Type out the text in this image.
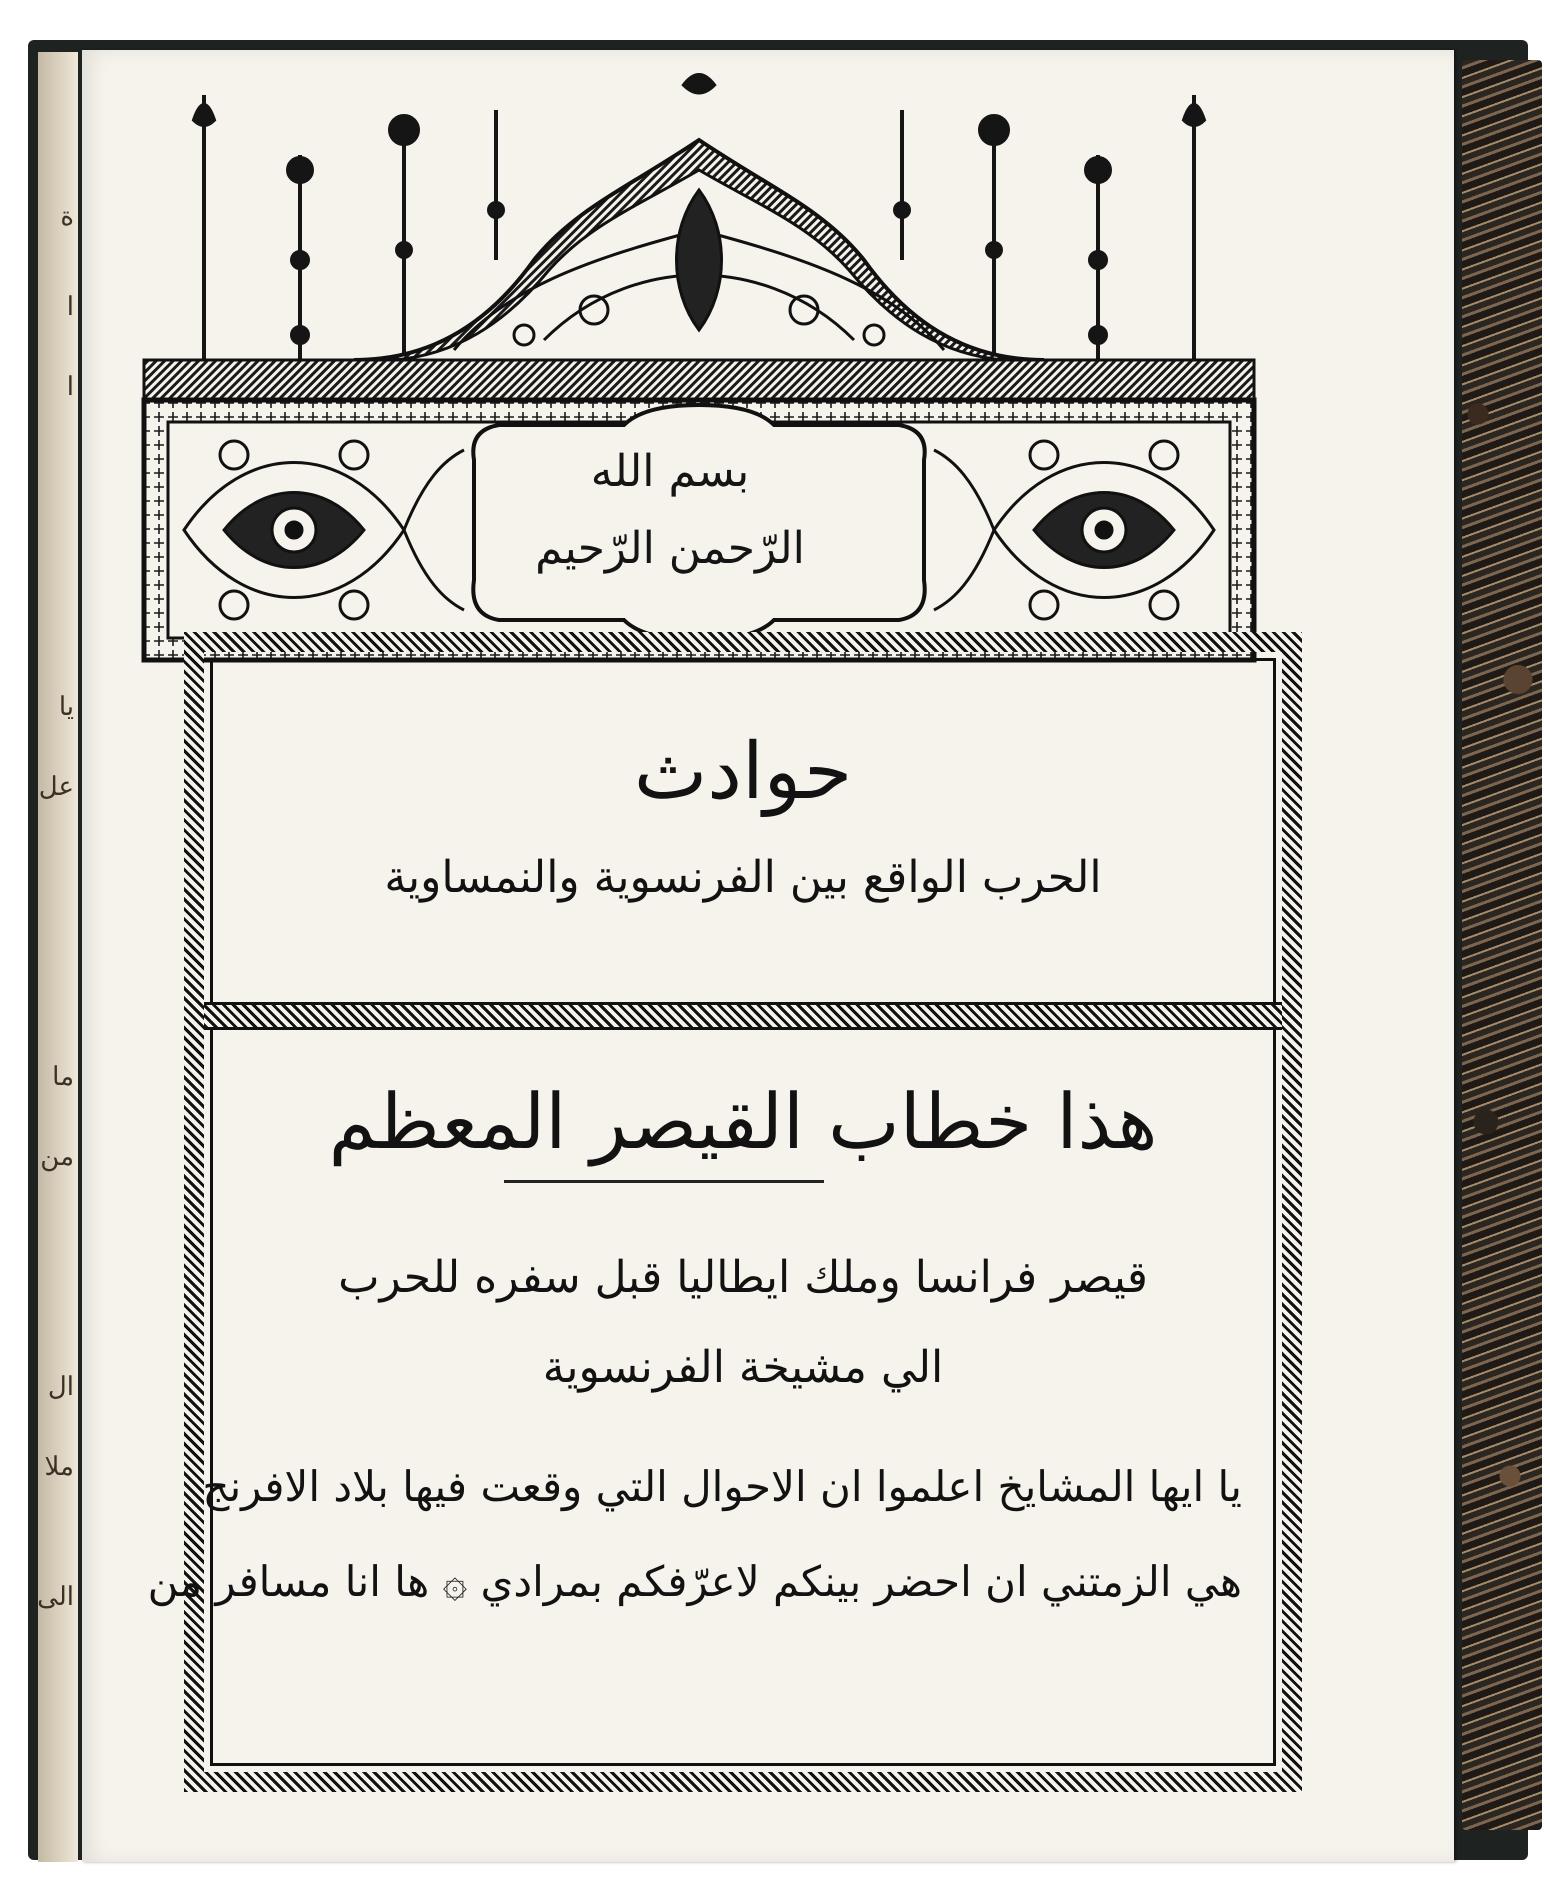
ة
ا
ا
يا
عل
ما
من
ال
ملا
الى
بسم الله
الرّحمن الرّحيم
حوادث
الحرب الواقع بين الفرنسوية والنمساوية
هذا خطاب القيصر المعظم
قيصر فرانسا وملك ايطاليا قبل سفره للحرب
الي مشيخة الفرنسوية
يا ايها المشايخ اعلموا ان الاحوال التي وقعت فيها بلاد الافرنج
هي الزمتني ان احضر بينكم لاعرّفكم بمرادي ۞ ها انا مسافر من
